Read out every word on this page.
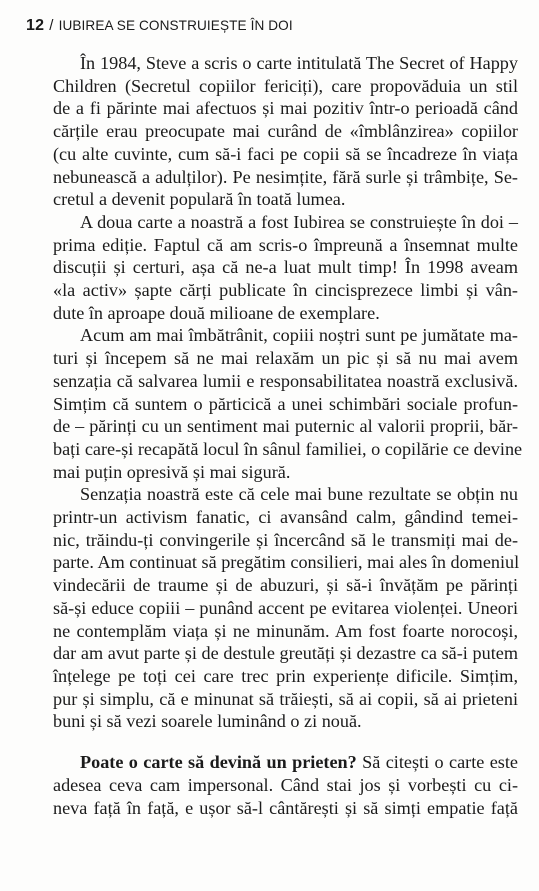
12 / IUBIREA SE CONSTRUIEȘTE ÎN DOI

În 1984, Steve a scris o carte intitulată The Secret of Happy
Children (Secretul copiilor fericiți), care propovăduia un stil
de a fi părinte mai afectuos și mai pozitiv într-o perioadă când
cărțile erau preocupate mai curând de «îmblânzirea» copiilor
(cu alte cuvinte, cum să-i faci pe copii să se încadreze în viața
nebunească a adulților). Pe nesimțite, fără surle și trâmbițe, Se-
cretul a devenit populară în toată lumea.

A doua carte a noastră a fost Iubirea se construiește în doi –
prima ediție. Faptul că am scris-o împreună a însemnat multe
discuții și certuri, așa că ne-a luat mult timp! În 1998 aveam
«la activ» șapte cărți publicate în cincisprezece limbi și vân-
dute în aproape două milioane de exemplare.

Acum am mai îmbătrânit, copiii noștri sunt pe jumătate ma-
turi și începem să ne mai relaxăm un pic și să nu mai avem
senzația că salvarea lumii e responsabilitatea noastră exclusivă.
Simțim că suntem o părticică a unei schimbări sociale profun-
de – părinți cu un sentiment mai puternic al valorii proprii, băr-
bați care-și recapătă locul în sânul familiei, o copilărie ce devine
mai puțin opresivă și mai sigură.

Senzația noastră este că cele mai bune rezultate se obțin nu
printr-un activism fanatic, ci avansând calm, gândind temei-
nic, trăindu-ți convingerile și încercând să le transmiți mai de-
parte. Am continuat să pregătim consilieri, mai ales în domeniul
vindecării de traume și de abuzuri, și să-i învățăm pe părinți
să-și educe copiii – punând accent pe evitarea violenței. Uneori
ne contemplăm viața și ne minunăm. Am fost foarte norocoși,
dar am avut parte și de destule greutăți și dezastre ca să-i putem
înțelege pe toți cei care trec prin experiențe dificile. Simțim,
pur și simplu, că e minunat să trăiești, să ai copii, să ai prieteni
buni și să vezi soarele luminând o zi nouă.

Poate o carte să devină un prieten? Să citești o carte este
adesea ceva cam impersonal. Când stai jos și vorbești cu ci-
neva față în față, e ușor să-l cântărești și să simți empatie față
